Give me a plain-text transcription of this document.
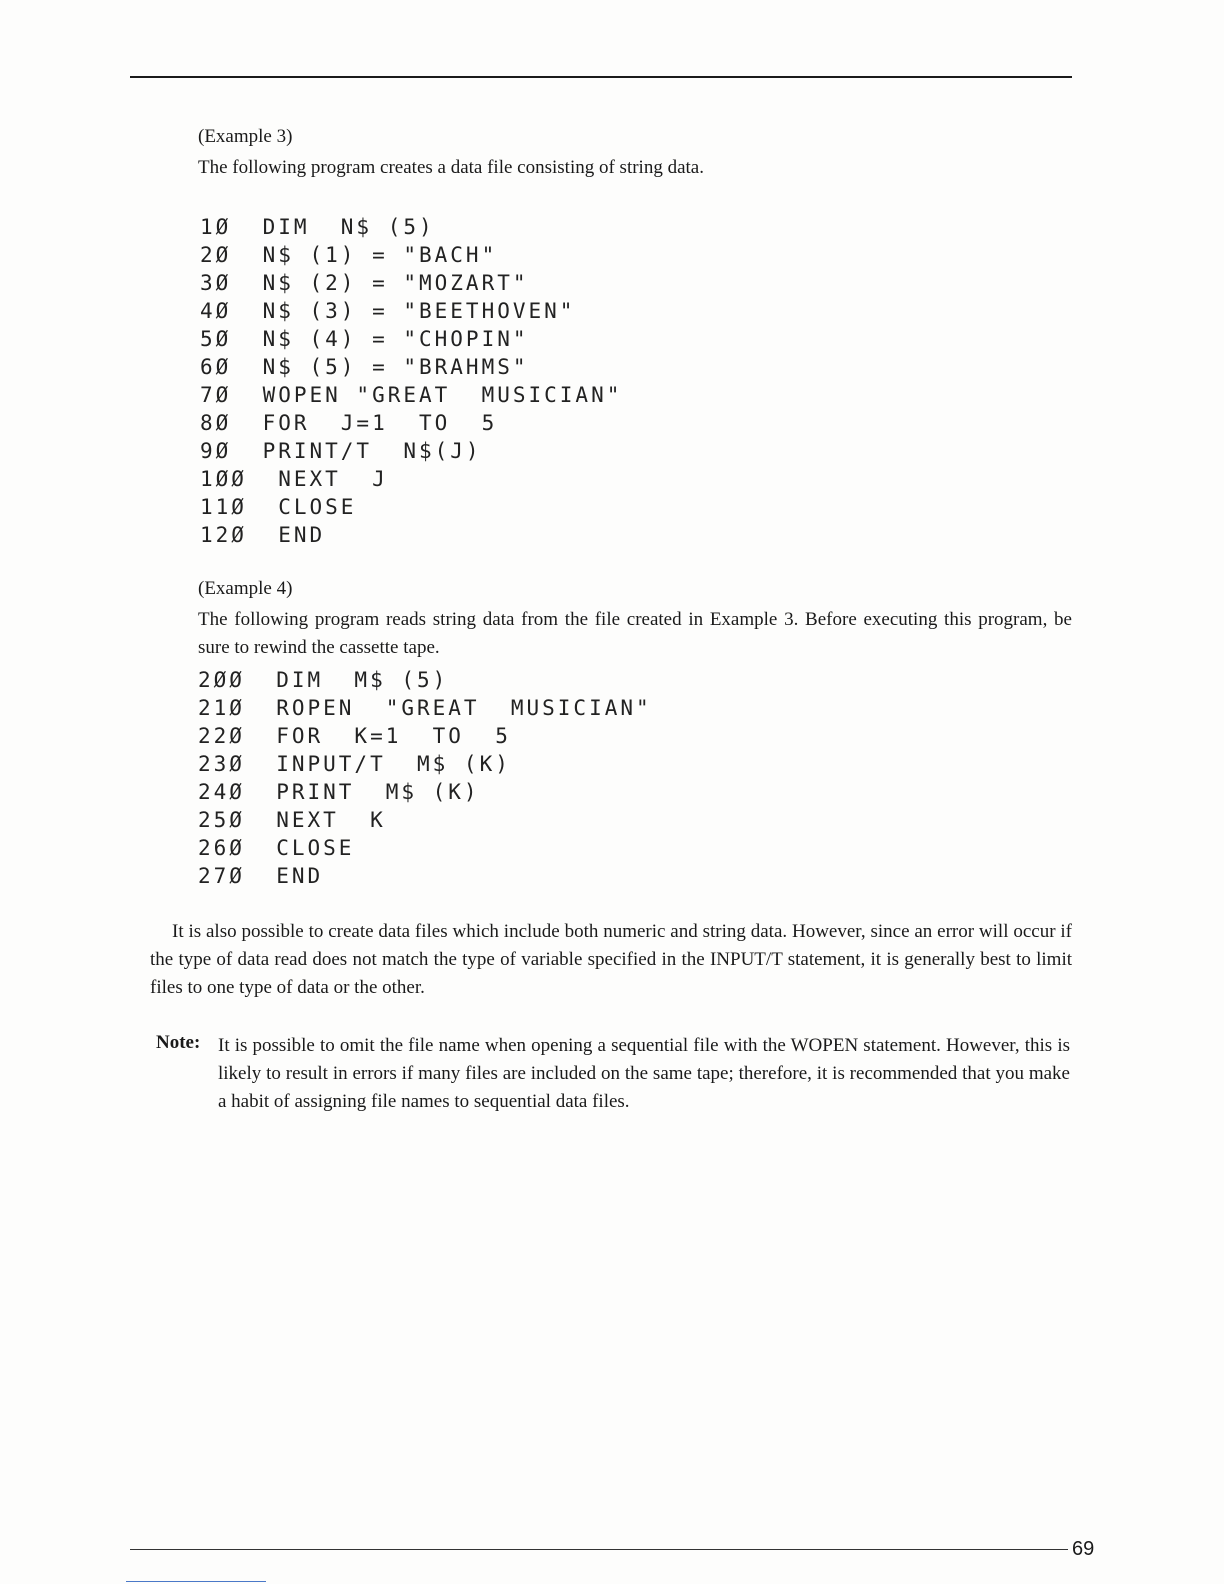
(Example 3)
The following program creates a data file consisting of string data.
1Ø  DIM  N$ (5)
2Ø  N$ (1) = "BACH"
3Ø  N$ (2) = "MOZART"
4Ø  N$ (3) = "BEETHOVEN"
5Ø  N$ (4) = "CHOPIN"
6Ø  N$ (5) = "BRAHMS"
7Ø  WOPEN "GREAT  MUSICIAN"
8Ø  FOR  J=1  TO  5
9Ø  PRINT/T  N$(J)
1ØØ  NEXT  J
11Ø  CLOSE
12Ø  END
(Example 4)
The following program reads string data from the file created in Example 3. Before executing this program, be sure to rewind the cassette tape.
2ØØ  DIM  M$ (5)
21Ø  ROPEN  "GREAT  MUSICIAN"
22Ø  FOR  K=1  TO  5
23Ø  INPUT/T  M$ (K)
24Ø  PRINT  M$ (K)
25Ø  NEXT  K
26Ø  CLOSE
27Ø  END
It is also possible to create data files which include both numeric and string data. However, since an error will occur if the type of data read does not match the type of variable specified in the INPUT/T statement, it is generally best to limit files to one type of data or the other.
Note: It is possible to omit the file name when opening a sequential file with the WOPEN statement. However, this is likely to result in errors if many files are included on the same tape; therefore, it is recommended that you make a habit of assigning file names to sequential data files.
69
